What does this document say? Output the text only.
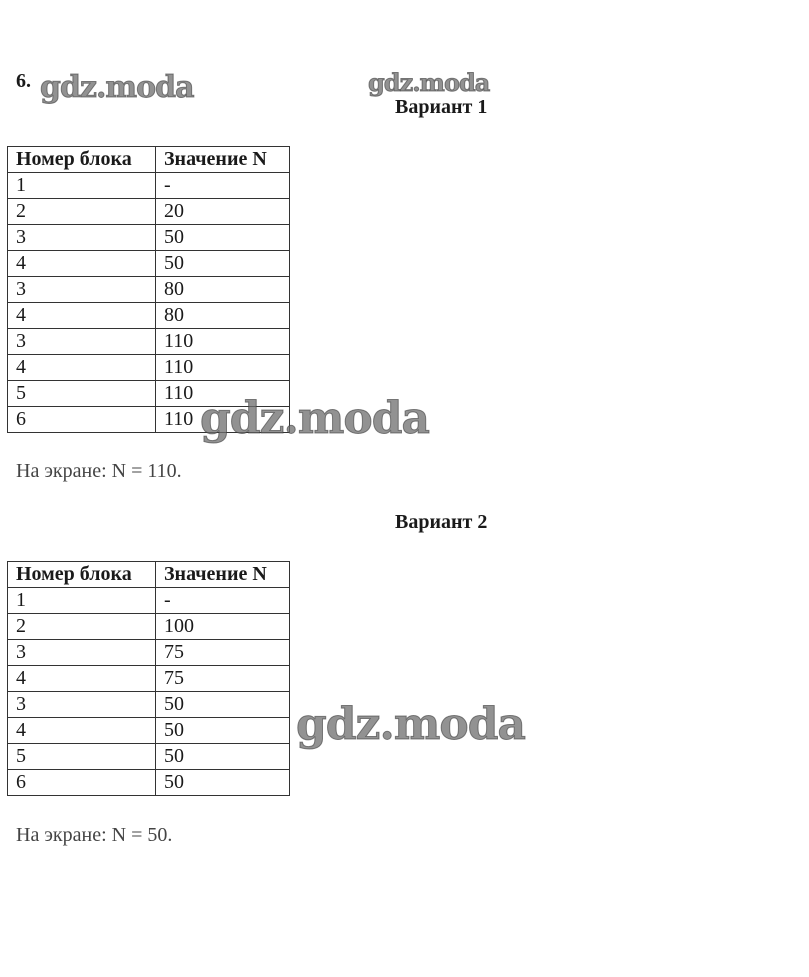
6.
Вариант 1
Номер блока	Значение N
1	-
2	20
3	50
4	50
3	80
4	80
3	110
4	110
5	110
6	110
На экране: N = 110.
Вариант 2
Номер блока	Значение N
1	-
2	100
3	75
4	75
3	50
4	50
5	50
6	50
На экране: N = 50.
gdz.moda	gdz.moda
gdz.moda
gdz.moda
